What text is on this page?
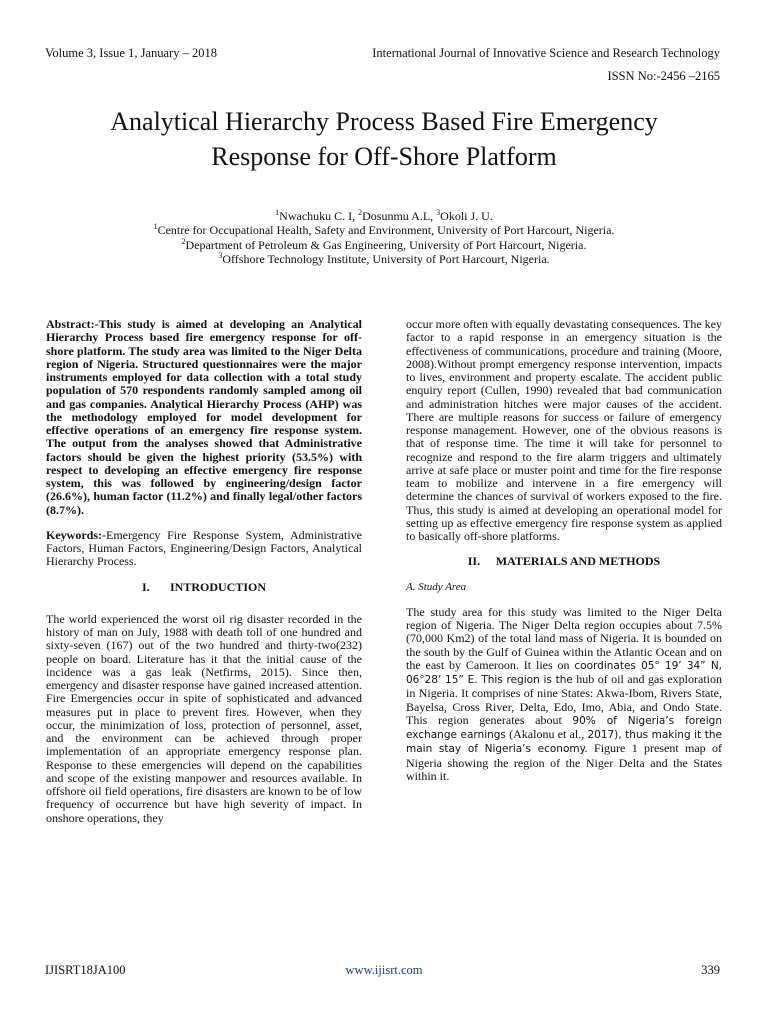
Volume 3, Issue 1, January – 2018	International Journal of Innovative Science and Research Technology
ISSN No:-2456 –2165
Analytical Hierarchy Process Based Fire Emergency
Response for Off-Shore Platform
$^1$Nwachuku C. I, $^2$Dosunmu A.L, $^3$Okoli J. U.
$^1$Centre for Occupational Health, Safety and Environment, University of Port Harcourt, Nigeria.
$^2$Department of Petroleum & Gas Engineering, University of Port Harcourt, Nigeria.
$^3$Offshore Technology Institute, University of Port Harcourt, Nigeria.

Abstract:-This study is aimed at developing an Analytical Hierarchy Process based fire emergency response for off-shore platform. The study area was limited to the Niger Delta region of Nigeria. Structured questionnaires were the major instruments employed for data collection with a total study population of 570 respondents randomly sampled among oil and gas companies. Analytical Hierarchy Process (AHP) was the methodology employed for model development for effective operations of an emergency fire response system. The output from the analyses showed that Administrative factors should be given the highest priority (53.5%) with respect to developing an effective emergency fire response system, this was followed by engineering/design factor (26.6%), human factor (11.2%) and finally legal/other factors (8.7%).

Keywords:-Emergency Fire Response System, Administrative Factors, Human Factors, Engineering/Design Factors, Analytical Hierarchy Process.

I. INTRODUCTION

The world experienced the worst oil rig disaster recorded in the history of man on July, 1988 with death toll of one hundred and sixty-seven (167) out of the two hundred and thirty-two(232) people on board. Literature has it that the initial cause of the incidence was a gas leak (Netfirms, 2015). Since then, emergency and disaster response have gained increased attention. Fire Emergencies occur in spite of sophisticated and advanced measures put in place to prevent fires. However, when they occur, the minimization of loss, protection of personnel, asset, and the environment can be achieved through proper implementation of an appropriate emergency response plan. Response to these emergencies will depend on the capabilities and scope of the existing manpower and resources available. In offshore oil field operations, fire disasters are known to be of low frequency of occurrence but have high severity of impact. In onshore operations, they

occur more often with equally devastating consequences. The key factor to a rapid response in an emergency situation is the effectiveness of communications, procedure and training (Moore, 2008).Without prompt emergency response intervention, impacts to lives, environment and property escalate. The accident public enquiry report (Cullen, 1990) revealed that bad communication and administration hitches were major causes of the accident. There are multiple reasons for success or failure of emergency response management. However, one of the obvious reasons is that of response time. The time it will take for personnel to recognize and respond to the fire alarm triggers and ultimately arrive at safe place or muster point and time for the fire response team to mobilize and intervene in a fire emergency will determine the chances of survival of workers exposed to the fire. Thus, this study is aimed at developing an operational model for setting up as effective emergency fire response system as applied to basically off-shore platforms.

II. MATERIALS AND METHODS

A. Study Area

The study area for this study was limited to the Niger Delta region of Nigeria. The Niger Delta region occupies about 7.5% (70,000 Km2) of the total land mass of Nigeria. It is bounded on the south by the Gulf of Guinea within the Atlantic Ocean and on the east by Cameroon. It lies on coordinates 05° 19’ 34” N, 06°28’ 15” E. This region is the hub of oil and gas exploration in Nigeria. It comprises of nine States: Akwa-Ibom, Rivers State, Bayelsa, Cross River, Delta, Edo, Imo, Abia, and Ondo State. This region generates about 90% of Nigeria’s foreign exchange earnings (Akalonu et al., 2017), thus making it the main stay of Nigeria’s economy. Figure 1 present map of Nigeria showing the region of the Niger Delta and the States within it.

IJISRT18JA100	www.ijisrt.com	339
